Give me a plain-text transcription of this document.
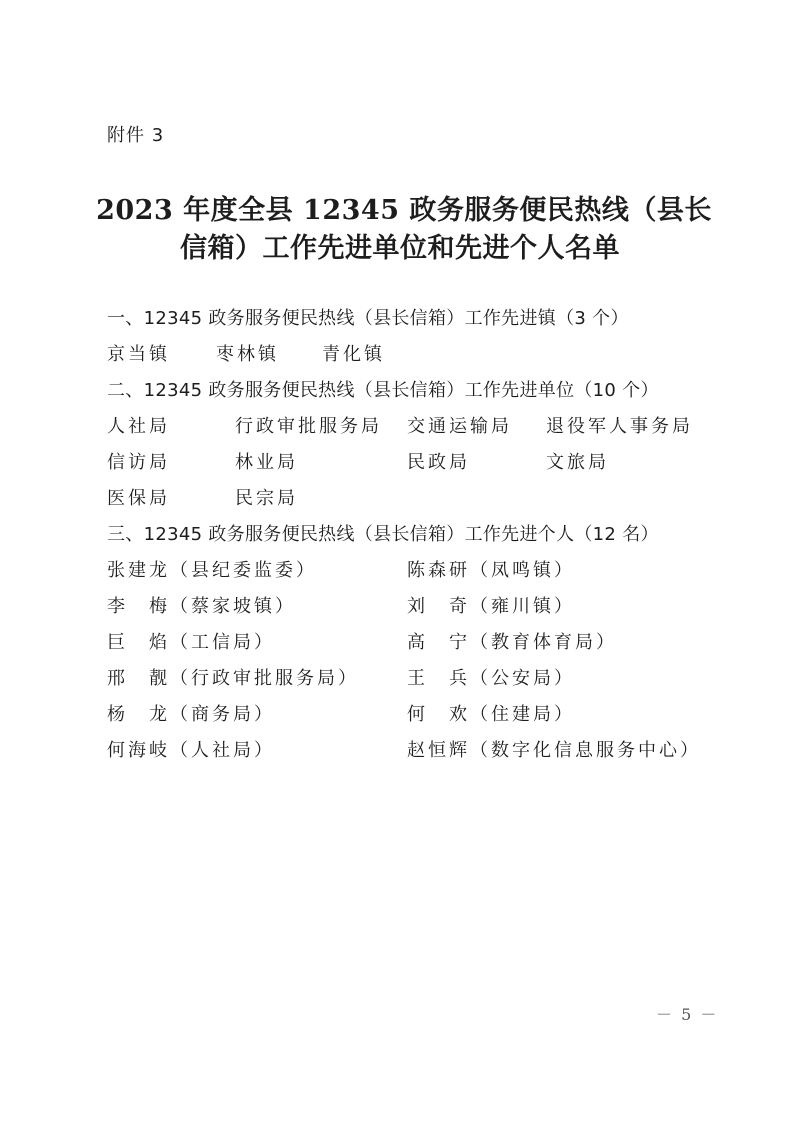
附件 3
2023 年度全县 12345 政务服务便民热线（县长
信箱）工作先进单位和先进个人名单
一、12345 政务服务便民热线（县长信箱）工作先进镇（3 个）
京当镇	枣林镇 青化镇
二、12345 政务服务便民热线（县长信箱）工作先进单位（10 个）
人社局	行政审批服务局 交通运输局 退役军人事务局
信访局	林业局	民政局	文旅局
医保局	民宗局
三、12345 政务服务便民热线（县长信箱）工作先进个人（12 名）
张建龙（县纪委监委）	陈森研（凤鸣镇）
李　梅（蔡家坡镇）	刘　奇（雍川镇）
巨　焰（工信局）	高　宁（教育体育局）
邢　靓（行政审批服务局）	王　兵（公安局）
杨　龙（商务局）	何　欢（住建局）
何海岐（人社局）	赵恒辉（数字化信息服务中心）
－ 5 －
